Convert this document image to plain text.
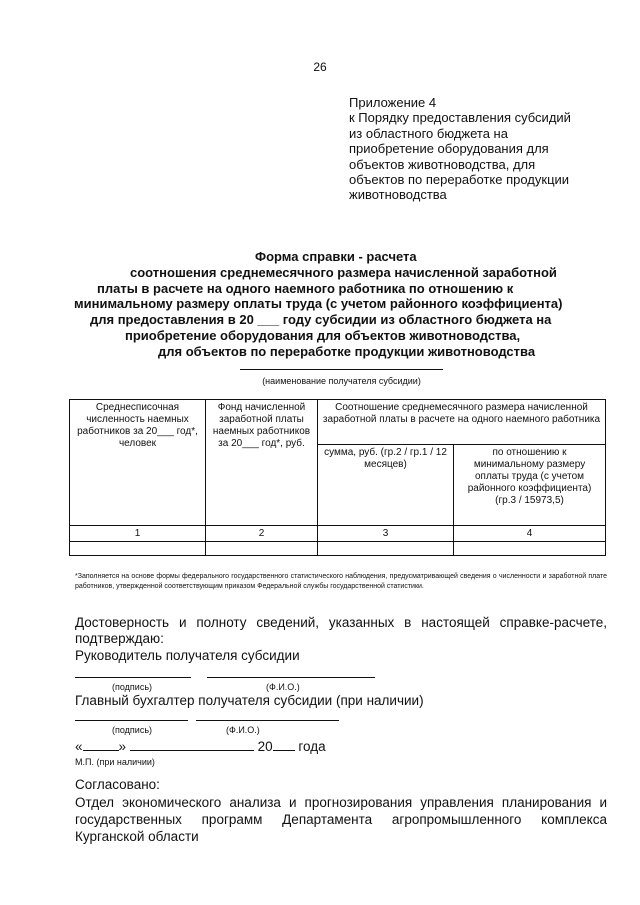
26
Приложение 4
к Порядку предоставления субсидий
из областного бюджета на
приобретение оборудования для
объектов животноводства, для
объектов по переработке продукции
животноводства
Форма справки - расчета
соотношения среднемесячного размера начисленной заработной
платы в расчете на одного наемного работника по отношению к
минимальному размеру оплаты труда (с учетом районного коэффициента)
для предоставления в 20 ___ году субсидии из областного бюджета на
приобретение оборудования для объектов животноводства,
для объектов по переработке продукции животноводства
(наименование получателя субсидии)
Среднесписочная численность наемных работников за 20___ год*, человек	Фонд начисленной заработной платы наемных работников за 20___ год*, руб.	Соотношение среднемесячного размера начисленной заработной платы в расчете на одного наемного работника	
		сумма, руб. (гр.2 / гр.1 / 12 месяцев)	по отношению к минимальному размеру оплаты труда (с учетом районного коэффициента) (гр.3 / 15973,5)
1	2	3	4

*Заполняется на основе формы федерального государственного статистического наблюдения, предусматривающей сведения о численности и заработной плате работников, утвержденной соответствующим приказом Федеральной службы государственной статистики.
Достоверность и полноту сведений, указанных в настоящей справке-расчете,
подтверждаю:
Руководитель получателя субсидии
(подпись)	(Ф.И.О.)
Главный бухгалтер получателя субсидии (при наличии)
(подпись)	(Ф.И.О.)
«	»	20 года
М.П. (при наличии)
Согласовано:
Отдел экономического анализа и прогнозирования управления планирования и
государственных программ Департамента агропромышленного комплекса
Курганской области
